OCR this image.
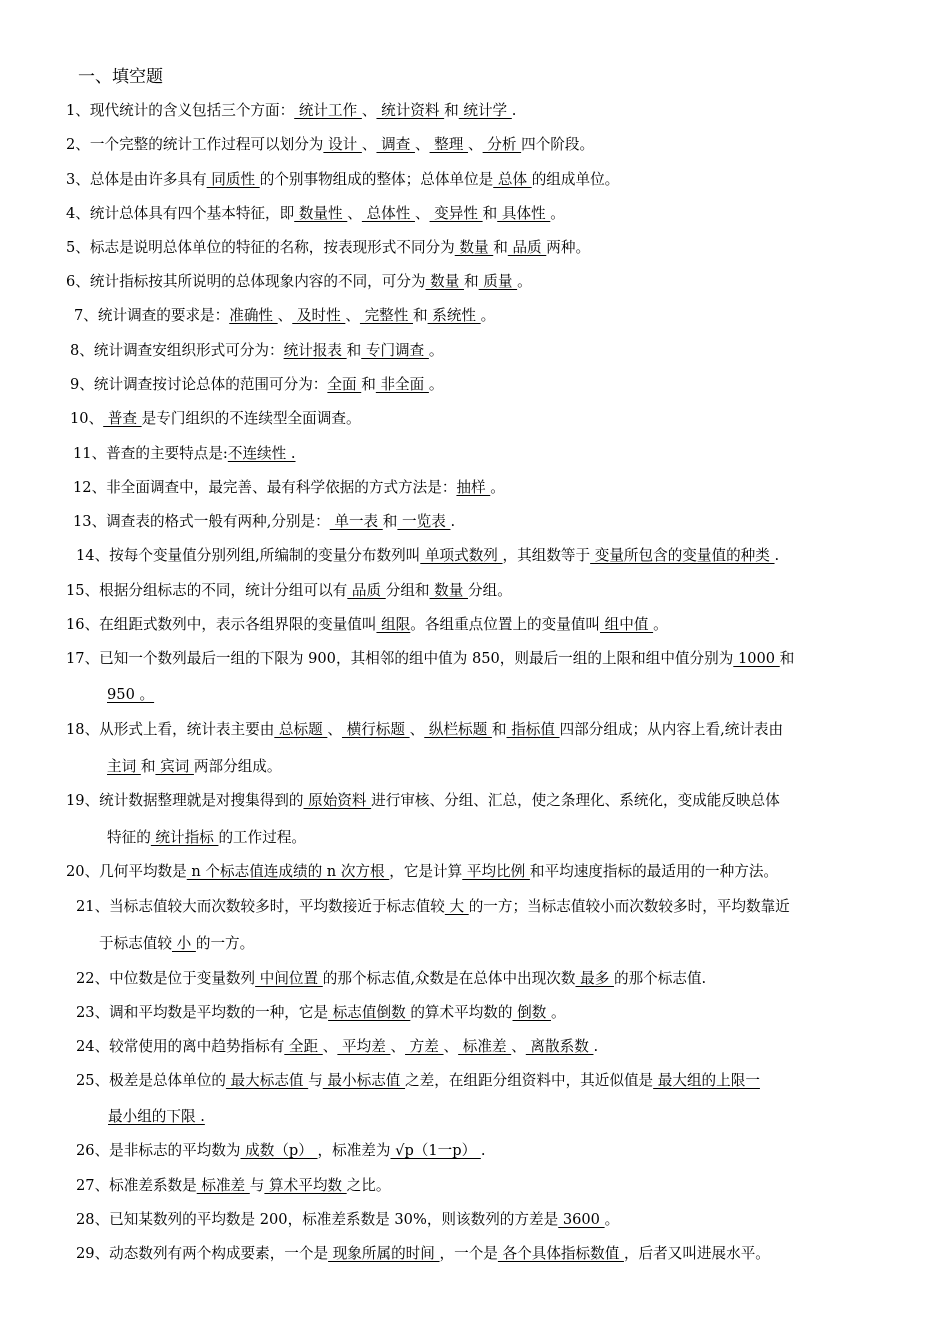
一、填空题
1、现代统计的含义包括三个方面： 统计工作 、 统计资料 和 统计学 .
2、一个完整的统计工作过程可以划分为 设计 、 调查 、 整理 、 分析 四个阶段。
3、总体是由许多具有 同质性 的个别事物组成的整体；总体单位是 总体 的组成单位。
4、统计总体具有四个基本特征，即 数量性 、 总体性 、 变异性 和 具体性 。
5、标志是说明总体单位的特征的名称，按表现形式不同分为 数量 和 品质 两种。
6、统计指标按其所说明的总体现象内容的不同，可分为 数量 和 质量 。
7、统计调查的要求是：准确性 、 及时性 、 完整性 和 系统性 。
8、统计调查安组织形式可分为：统计报表 和 专门调查 。
9、统计调查按讨论总体的范围可分为：全面 和 非全面 。
10、 普查 是专门组织的不连续型全面调查。
11、普查的主要特点是:不连续性 .
12、非全面调查中，最完善、最有科学依据的方式方法是：抽样 。
13、调查表的格式一般有两种,分别是： 单一表 和 一览表 .
14、按每个变量值分别列组,所编制的变量分布数列叫 单项式数列 ，其组数等于 变量所包含的变量值的种类 .
15、根据分组标志的不同，统计分组可以有 品质 分组和 数量 分组。
16、在组距式数列中，表示各组界限的变量值叫 组限。各组重点位置上的变量值叫 组中值 。
17、已知一个数列最后一组的下限为 900，其相邻的组中值为 850，则最后一组的上限和组中值分别为 1000 和
950 。
18、从形式上看，统计表主要由 总标题 、 横行标题 、 纵栏标题 和 指标值 四部分组成；从内容上看,统计表由
主词 和 宾词 两部分组成。
19、统计数据整理就是对搜集得到的 原始资料 进行审核、分组、汇总，使之条理化、系统化，变成能反映总体
特征的 统计指标 的工作过程。
20、几何平均数是 n 个标志值连成绩的 n 次方根 ，它是计算 平均比例 和平均速度指标的最适用的一种方法。
21、当标志值较大而次数较多时，平均数接近于标志值较 大 的一方；当标志值较小而次数较多时，平均数靠近
于标志值较 小 的一方。
22、中位数是位于变量数列 中间位置 的那个标志值,众数是在总体中出现次数 最多 的那个标志值.
23、调和平均数是平均数的一种，它是 标志值倒数 的算术平均数的 倒数 。
24、较常使用的离中趋势指标有 全距 、 平均差 、 方差 、 标准差 、 离散系数 .
25、极差是总体单位的 最大标志值 与 最小标志值 之差，在组距分组资料中，其近似值是 最大组的上限一
最小组的下限 .
26、是非标志的平均数为 成数（p） ，标准差为 √p（1一p） .
27、标准差系数是 标准差 与 算术平均数 之比。
28、已知某数列的平均数是 200，标准差系数是 30%，则该数列的方差是 3600 。
29、动态数列有两个构成要素，一个是 现象所属的时间 ，一个是 各个具体指标数值 ，后者又叫进展水平。
